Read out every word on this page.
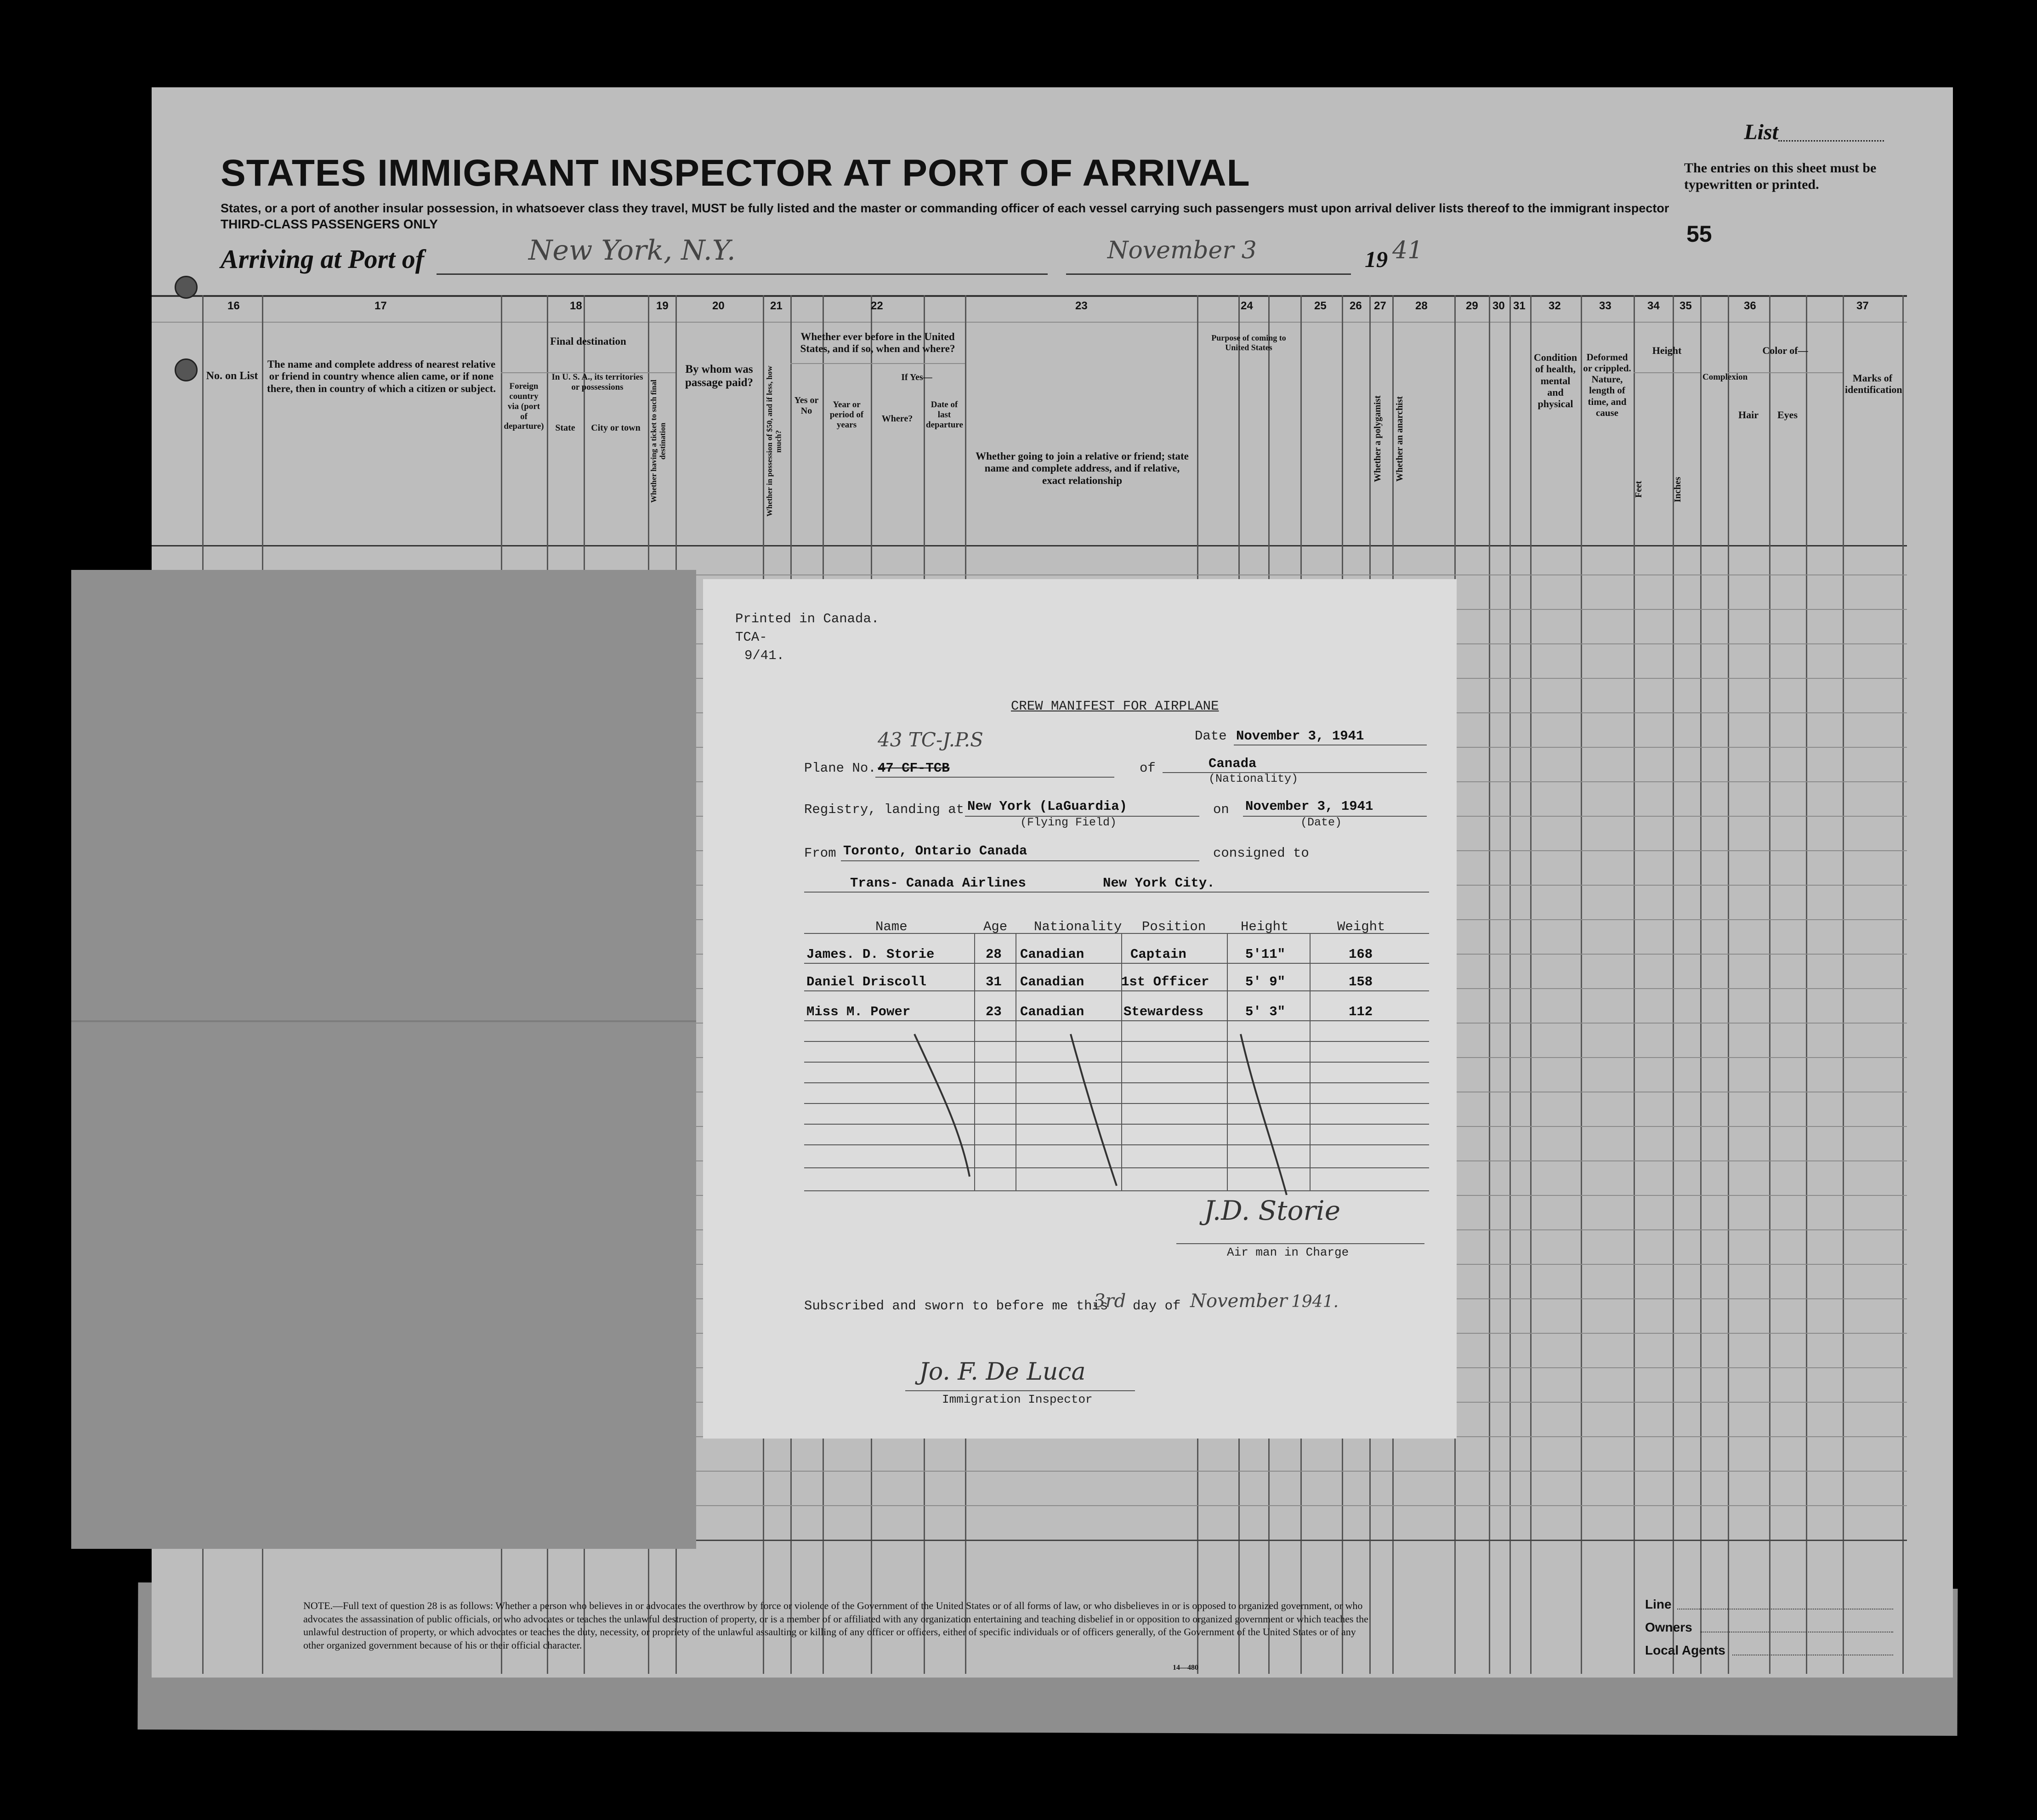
List
The entries on this sheet must be typewritten or printed.
55
STATES IMMIGRANT INSPECTOR AT PORT OF ARRIVAL
States, or a port of another insular possession, in whatsoever class they travel, MUST be fully listed and the master or commanding officer of each vessel carrying such passengers must upon arrival deliver lists thereof to the immigrant inspector
THIRD-CLASS PASSENGERS ONLY
Arriving at Port of	New York, N.Y.	November 3	19 41
16	17	18	19	20	21	22	23	24	25 26 27	28	29 30 31 32	33	34 35	36	37
No. on List
The name and complete address of nearest relative or friend in country whence alien came, or if none there, then in country of which a citizen or subject.
Final destination
Foreign country via (port of departure)
In U. S. A., its territories or possessions
State	City or town	Whether having a ticket to such final destination
By whom was passage paid?	Whether in possession of $50, and if less, how much?
Whether ever before in the United States, and if so, when and where?
If Yes—
Yes or No
Year or period of years
Where?
Date of last departure
Whether going to join a relative or friend; state name and complete address, and if relative, exact relationship
Purpose of coming to United States
Whether a polygamist	Whether an anarchist
Condition of health, mental and physical
Deformed or crippled. Nature, length of time, and cause
Height
Feet	Inches
Complexion
Color of—
Hair	Eyes
Marks of identification
NOTE.—Full text of question 28 is as follows: Whether a person who believes in or advocates the overthrow by force or violence of the Government of the United States or of all forms of law, or who disbelieves in or is opposed to organized government, or who advocates the assassination of public officials, or who advocates or teaches the unlawful destruction of property, or is a member of or affiliated with any organization entertaining and teaching disbelief in or opposition to organized government or which teaches the unlawful destruction of property, or which advocates or teaches the duty, necessity, or propriety of the unlawful assaulting or killing of any officer or officers, either of specific individuals or of officers generally, of the Government of the United States or of any other organized government because of his or their official character.
14—480
Line
Owners
Local Agents
Printed in Canada.
TCA-
9/41.
CREW MANIFEST FOR AIRPLANE
Date November 3, 1941
Plane No. 47 CF-TCB
43 TC-J.P.S
of	Canada
(Nationality)
Registry, landing at New York (LaGuardia)
(Flying Field)
on November 3, 1941
(Date)
From Toronto, Ontario Canada	consigned to
Trans- Canada Airlines	New York City.
Name	Age Nationality Position	Height	Weight
James. D. Storie	28 Canadian	Captain	5'11"	168
Daniel Driscoll	31 Canadian	1st Officer	5' 9"	158
Miss M. Power	23 Canadian	Stewardess	5' 3"	112
J.D. Storie
Air man in Charge
Subscribed and sworn to before me this
3rd day of November 1941.
Jo. F. De Luca
Immigration Inspector
